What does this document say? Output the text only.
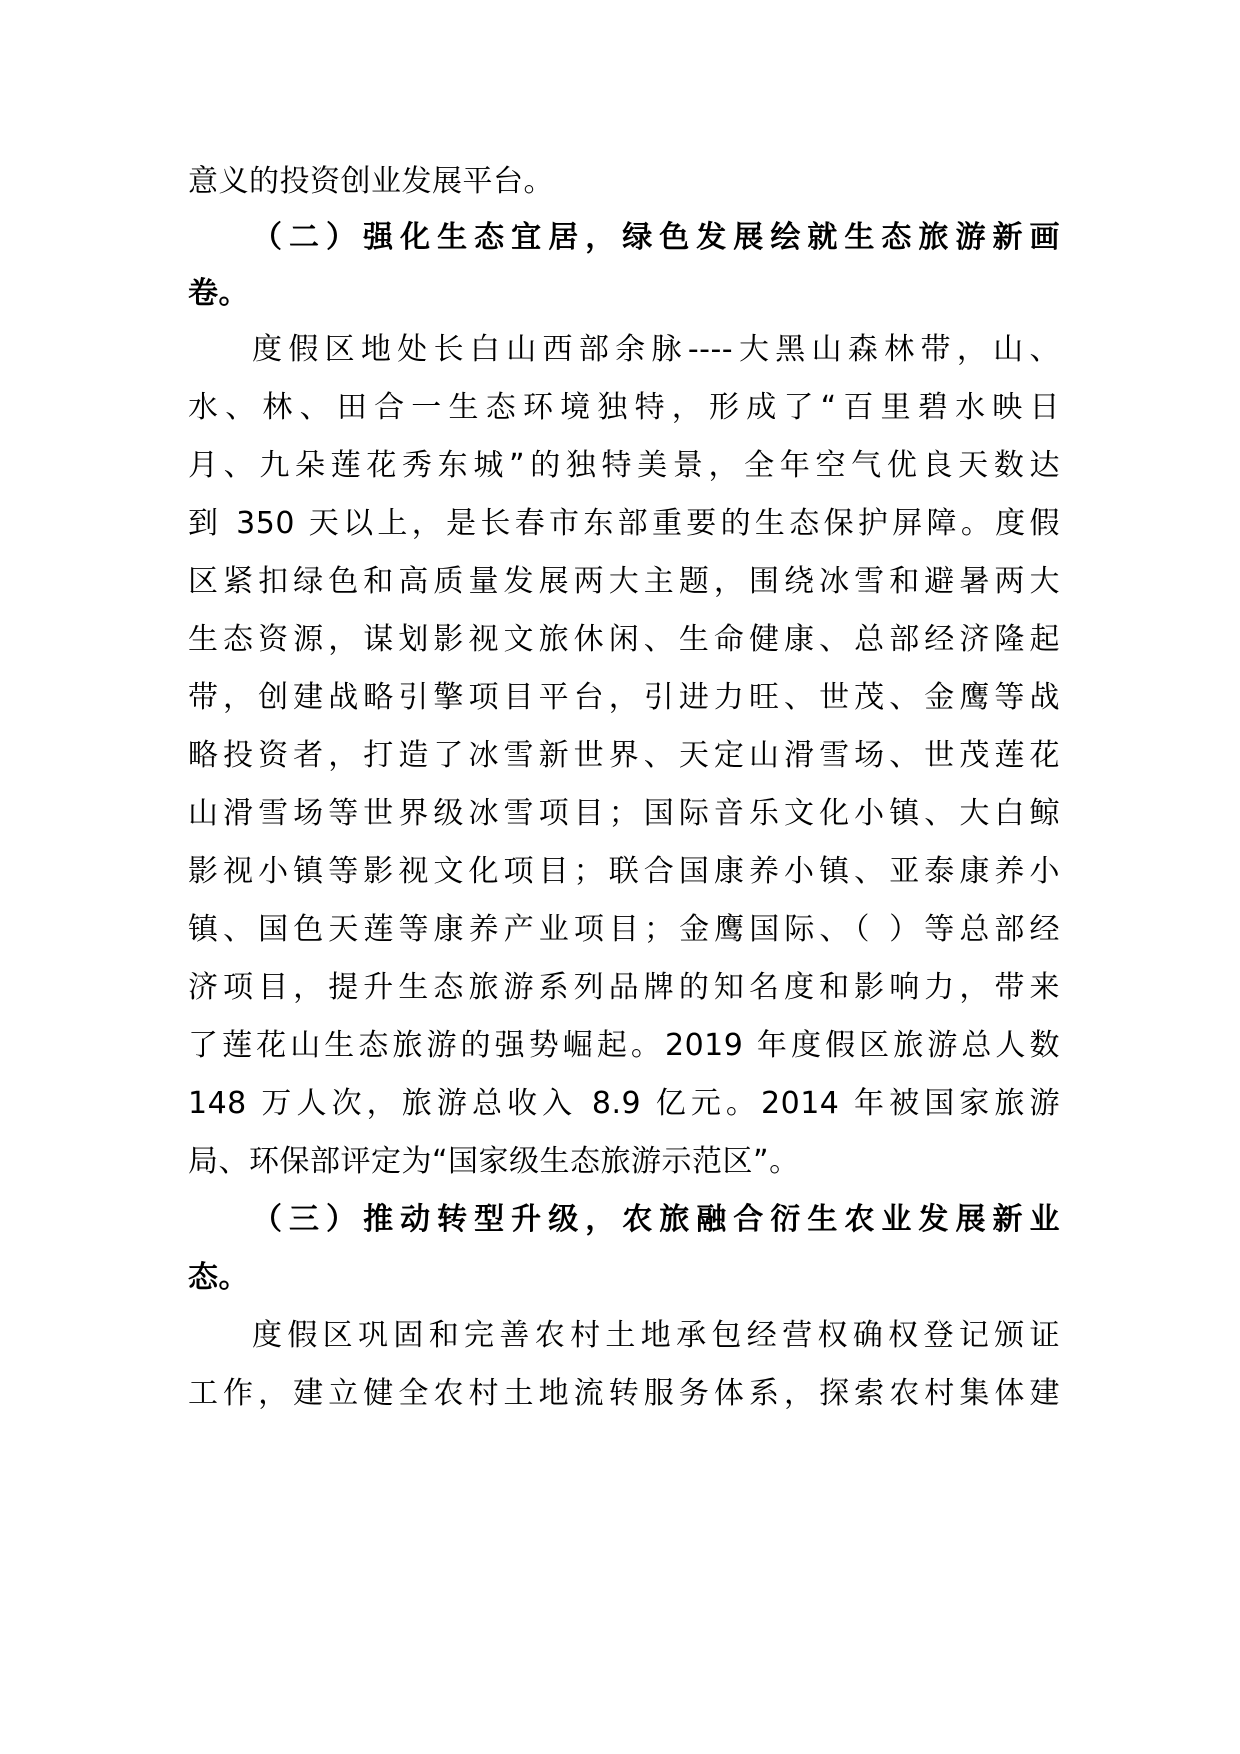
意义的投资创业发展平台。
（二）强化生态宜居，绿色发展绘就生态旅游新画
卷。
度假区地处长白山西部余脉----大黑山森林带，山、
水、林、田合一生态环境独特，形成了“百里碧水映日
月、九朵莲花秀东城”的独特美景，全年空气优良天数达
到 350 天以上，是长春市东部重要的生态保护屏障。度假
区紧扣绿色和高质量发展两大主题，围绕冰雪和避暑两大
生态资源，谋划影视文旅休闲、生命健康、总部经济隆起
带，创建战略引擎项目平台，引进力旺、世茂、金鹰等战
略投资者，打造了冰雪新世界、天定山滑雪场、世茂莲花
山滑雪场等世界级冰雪项目；国际音乐文化小镇、大白鲸
影视小镇等影视文化项目；联合国康养小镇、亚泰康养小
镇、国色天莲等康养产业项目；金鹰国际、（ ）等总部经
济项目，提升生态旅游系列品牌的知名度和影响力，带来
了莲花山生态旅游的强势崛起。2019 年度假区旅游总人数
148 万人次，旅游总收入 8.9 亿元。2014 年被国家旅游
局、环保部评定为“国家级生态旅游示范区”。
（三）推动转型升级，农旅融合衍生农业发展新业
态。
度假区巩固和完善农村土地承包经营权确权登记颁证
工作，建立健全农村土地流转服务体系，探索农村集体建
